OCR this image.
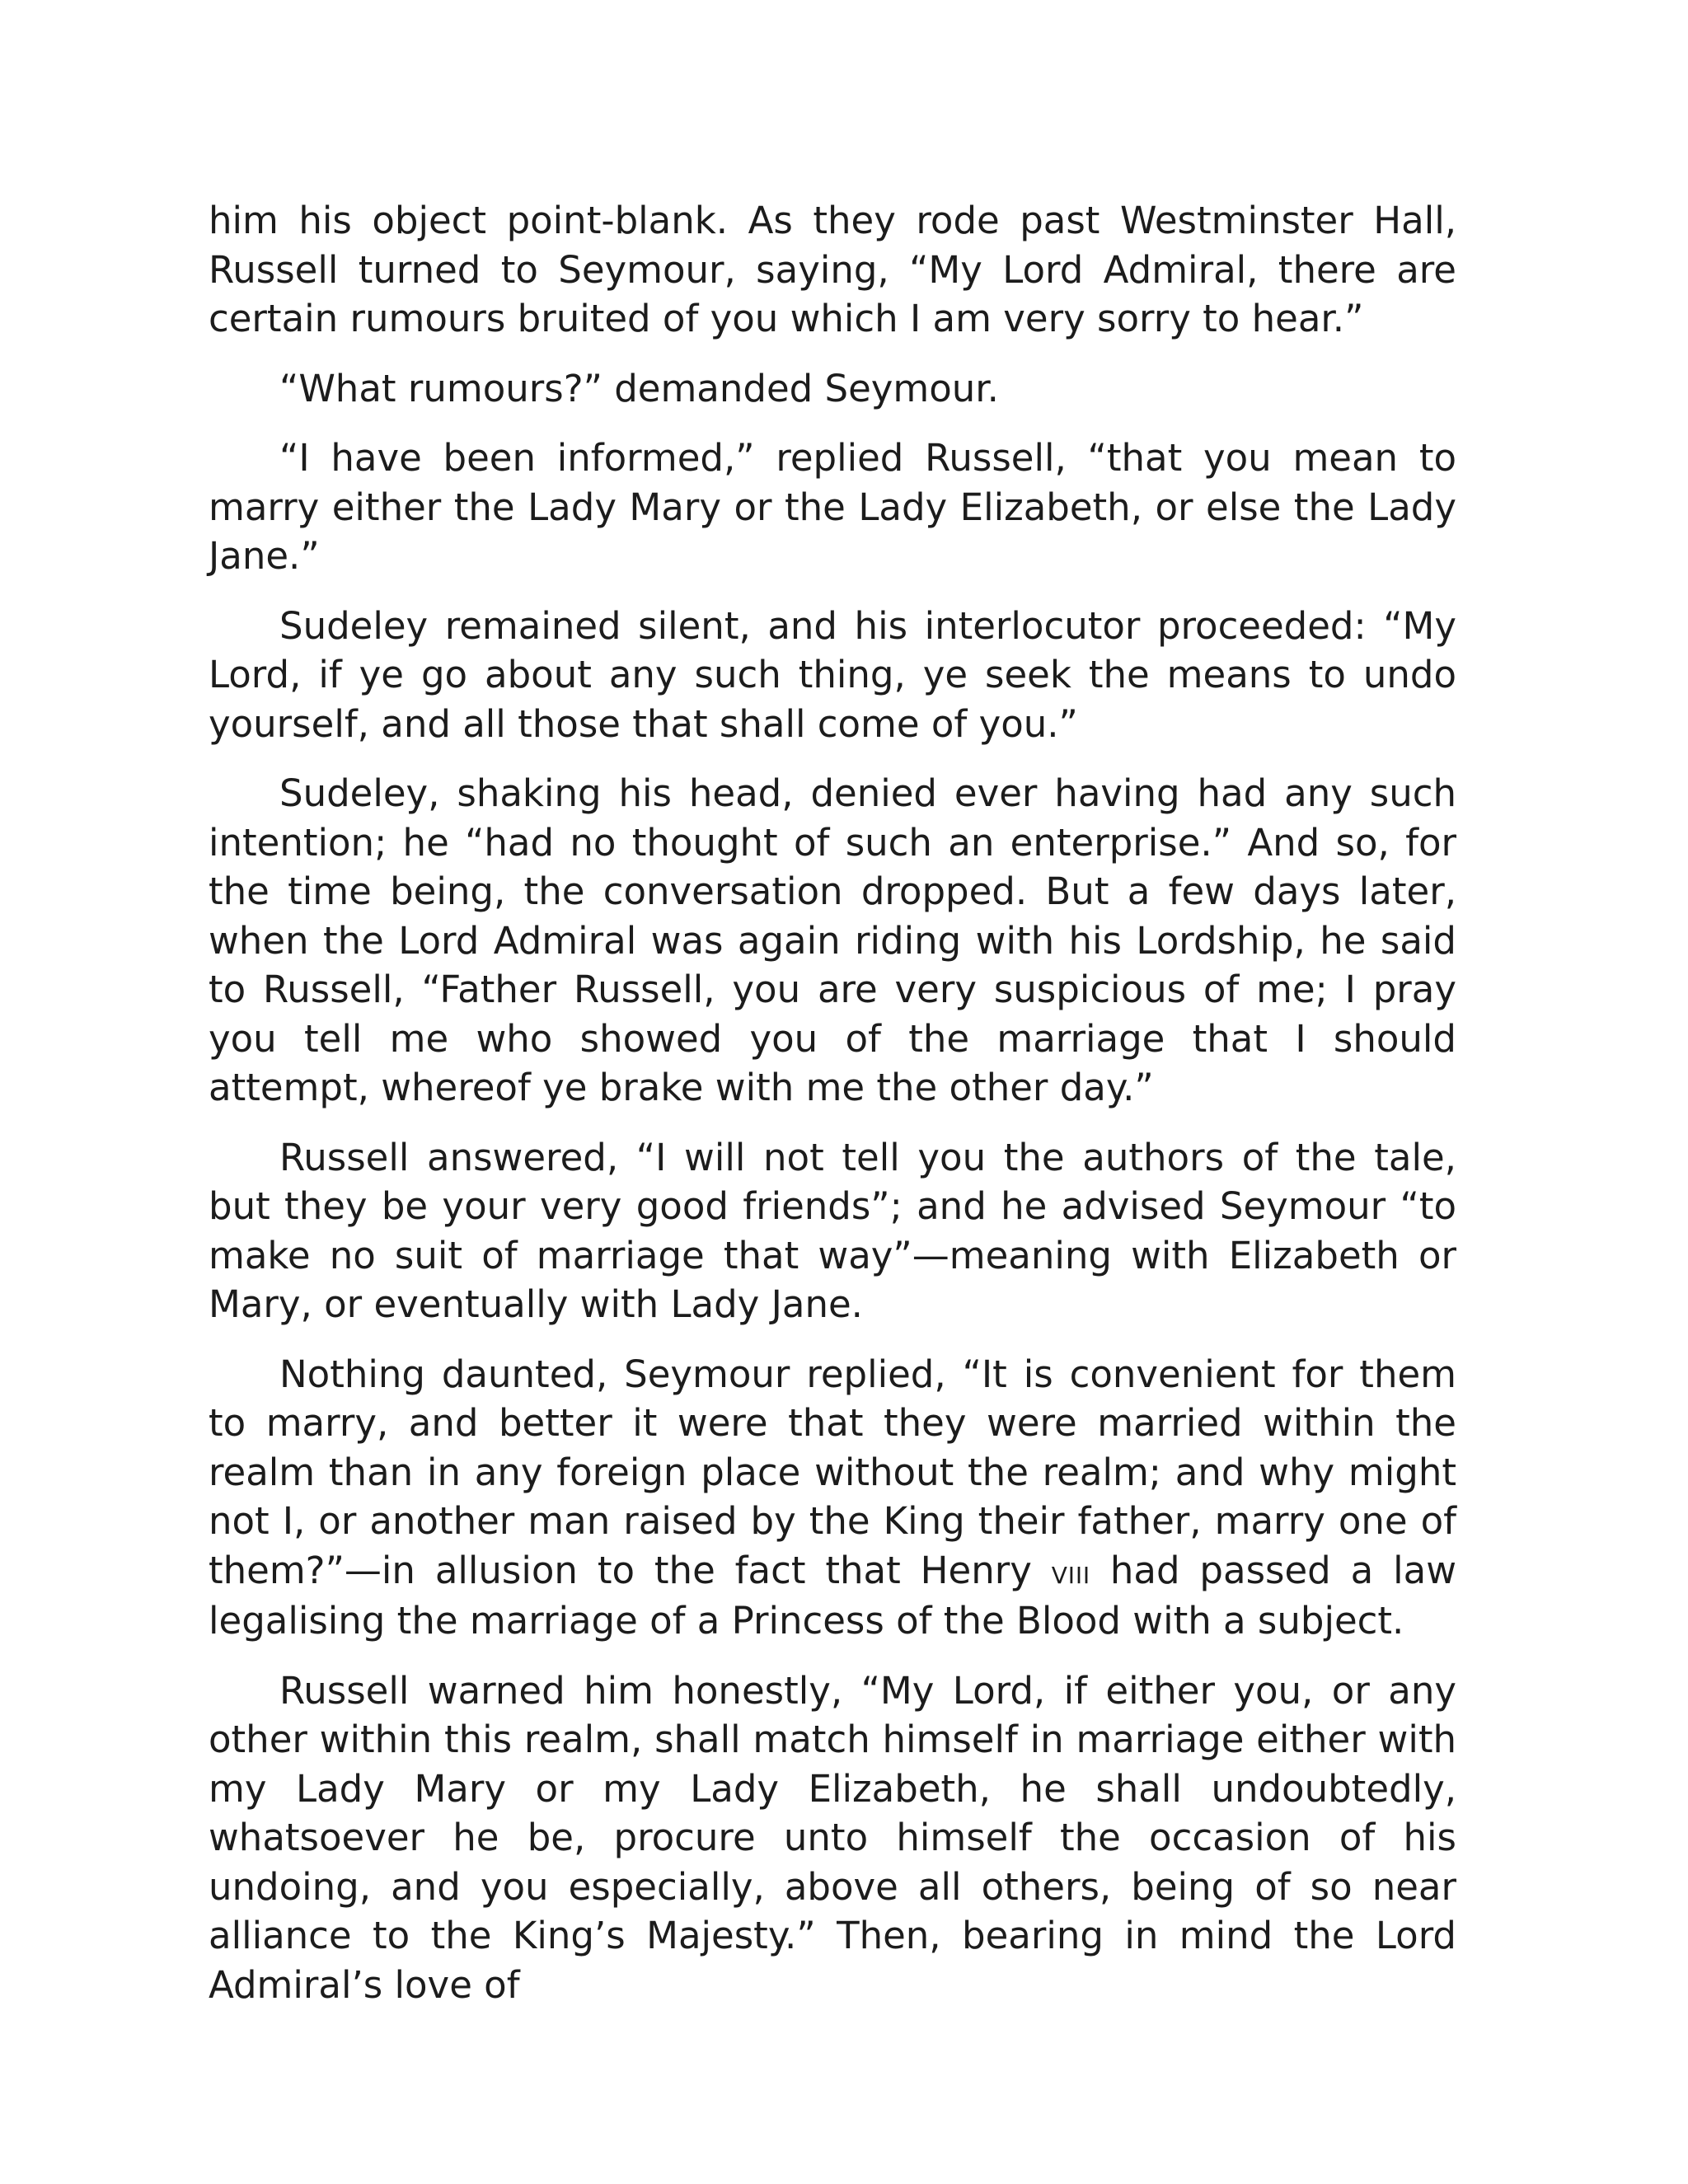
him his object point-blank. As they rode past Westminster Hall, Russell turned to Seymour, saying, “My Lord Admiral, there are certain rumours bruited of you which I am very sorry to hear.”

“What rumours?” demanded Seymour.

“I have been informed,” replied Russell, “that you mean to marry either the Lady Mary or the Lady Elizabeth, or else the Lady Jane.”

Sudeley remained silent, and his interlocutor proceeded: “My Lord, if ye go about any such thing, ye seek the means to undo yourself, and all those that shall come of you.”

Sudeley, shaking his head, denied ever having had any such intention; he “had no thought of such an enterprise.” And so, for the time being, the conversation dropped. But a few days later, when the Lord Admiral was again riding with his Lordship, he said to Russell, “Father Russell, you are very suspicious of me; I pray you tell me who showed you of the marriage that I should attempt, whereof ye brake with me the other day.”

Russell answered, “I will not tell you the authors of the tale, but they be your very good friends”; and he advised Seymour “to make no suit of marriage that way”—meaning with Elizabeth or Mary, or eventually with Lady Jane.

Nothing daunted, Seymour replied, “It is convenient for them to marry, and better it were that they were married within the realm than in any foreign place without the realm; and why might not I, or another man raised by the King their father, marry one of them?”—in allusion to the fact that Henry viii had passed a law legalising the marriage of a Princess of the Blood with a subject.

Russell warned him honestly, “My Lord, if either you, or any other within this realm, shall match himself in marriage either with my Lady Mary or my Lady Elizabeth, he shall undoubtedly, whatsoever he be, procure unto himself the occasion of his undoing, and you especially, above all others, being of so near alliance to the King’s Majesty.” Then, bearing in mind the Lord Admiral’s love of
